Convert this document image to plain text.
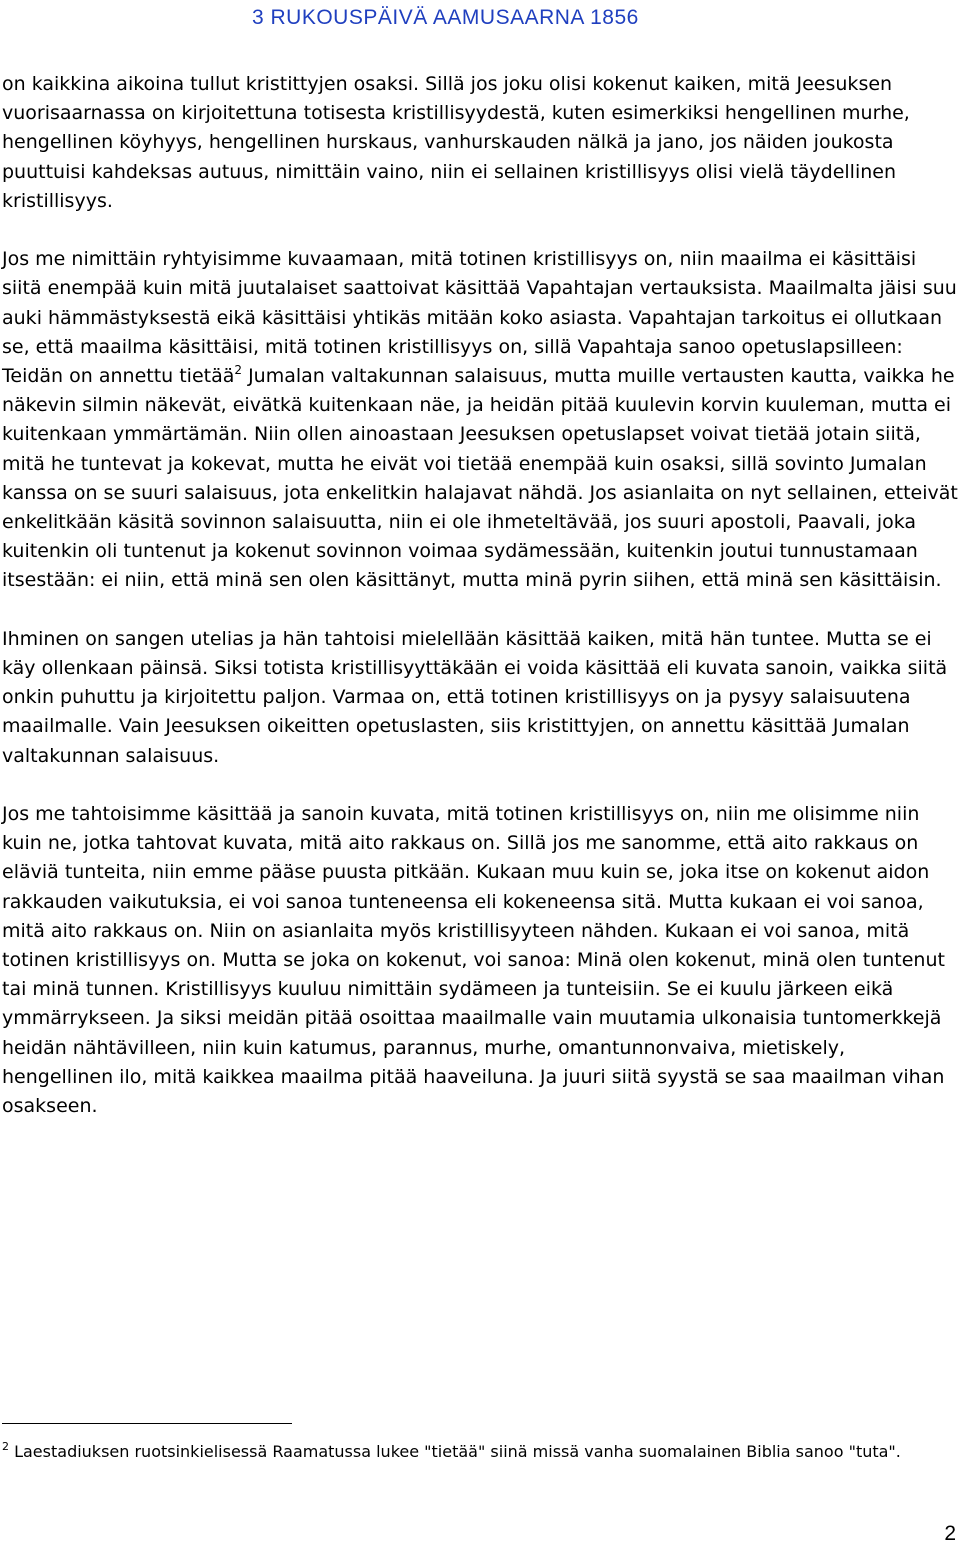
3 RUKOUSPÄIVÄ AAMUSAARNA 1856

on kaikkina aikoina tullut kristittyjen osaksi. Sillä jos joku olisi kokenut kaiken, mitä Jeesuksen vuorisaarnassa on kirjoitettuna totisesta kristillisyydestä, kuten esimerkiksi hengellinen murhe, hengellinen köyhyys, hengellinen hurskaus, vanhurskauden nälkä ja jano, jos näiden joukosta puuttuisi kahdeksas autuus, nimittäin vaino, niin ei sellainen kristillisyys olisi vielä täydellinen kristillisyys.

Jos me nimittäin ryhtyisimme kuvaamaan, mitä totinen kristillisyys on, niin maailma ei käsittäisi siitä enempää kuin mitä juutalaiset saattoivat käsittää Vapahtajan vertauksista. Maailmalta jäisi suu auki hämmästyksestä eikä käsittäisi yhtikäs mitään koko asiasta. Vapahtajan tarkoitus ei ollutkaan se, että maailma käsittäisi, mitä totinen kristillisyys on, sillä Vapahtaja sanoo opetuslapsilleen: Teidän on annettu tietää$^2$ Jumalan valtakunnan salaisuus, mutta muille vertausten kautta, vaikka he näkevin silmin näkevät, eivätkä kuitenkaan näe, ja heidän pitää kuulevin korvin kuuleman, mutta ei kuitenkaan ymmärtämän. Niin ollen ainoastaan Jeesuksen opetuslapset voivat tietää jotain siitä, mitä he tuntevat ja kokevat, mutta he eivät voi tietää enempää kuin osaksi, sillä sovinto Jumalan kanssa on se suuri salaisuus, jota enkelitkin halajavat nähdä. Jos asianlaita on nyt sellainen, etteivät enkelitkään käsitä sovinnon salaisuutta, niin ei ole ihmeteltävää, jos suuri apostoli, Paavali, joka kuitenkin oli tuntenut ja kokenut sovinnon voimaa sydämessään, kuitenkin joutui tunnustamaan itsestään: ei niin, että minä sen olen käsittänyt, mutta minä pyrin siihen, että minä sen käsittäisin.

Ihminen on sangen utelias ja hän tahtoisi mielellään käsittää kaiken, mitä hän tuntee. Mutta se ei käy ollenkaan päinsä. Siksi totista kristillisyyttäkään ei voida käsittää eli kuvata sanoin, vaikka siitä onkin puhuttu ja kirjoitettu paljon. Varmaa on, että totinen kristillisyys on ja pysyy salaisuutena maailmalle. Vain Jeesuksen oikeitten opetuslasten, siis kristittyjen, on annettu käsittää Jumalan valtakunnan salaisuus.

Jos me tahtoisimme käsittää ja sanoin kuvata, mitä totinen kristillisyys on, niin me olisimme niin kuin ne, jotka tahtovat kuvata, mitä aito rakkaus on. Sillä jos me sanomme, että aito rakkaus on eläviä tunteita, niin emme pääse puusta pitkään. Kukaan muu kuin se, joka itse on kokenut aidon rakkauden vaikutuksia, ei voi sanoa tunteneensa eli kokeneensa sitä. Mutta kukaan ei voi sanoa, mitä aito rakkaus on. Niin on asianlaita myös kristillisyyteen nähden. Kukaan ei voi sanoa, mitä totinen kristillisyys on. Mutta se joka on kokenut, voi sanoa: Minä olen kokenut, minä olen tuntenut tai minä tunnen. Kristillisyys kuuluu nimittäin sydämeen ja tunteisiin. Se ei kuulu järkeen eikä ymmärrykseen. Ja siksi meidän pitää osoittaa maailmalle vain muutamia ulkonaisia tuntomerkkejä heidän nähtävilleen, niin kuin katumus, parannus, murhe, omantunnonvaiva, mietiskely, hengellinen ilo, mitä kaikkea maailma pitää haaveiluna. Ja juuri siitä syystä se saa maailman vihan osakseen.

$^2$ Laestadiuksen ruotsinkielisessä Raamatussa lukee "tietää" siinä missä vanha suomalainen Biblia sanoo "tuta".
2
